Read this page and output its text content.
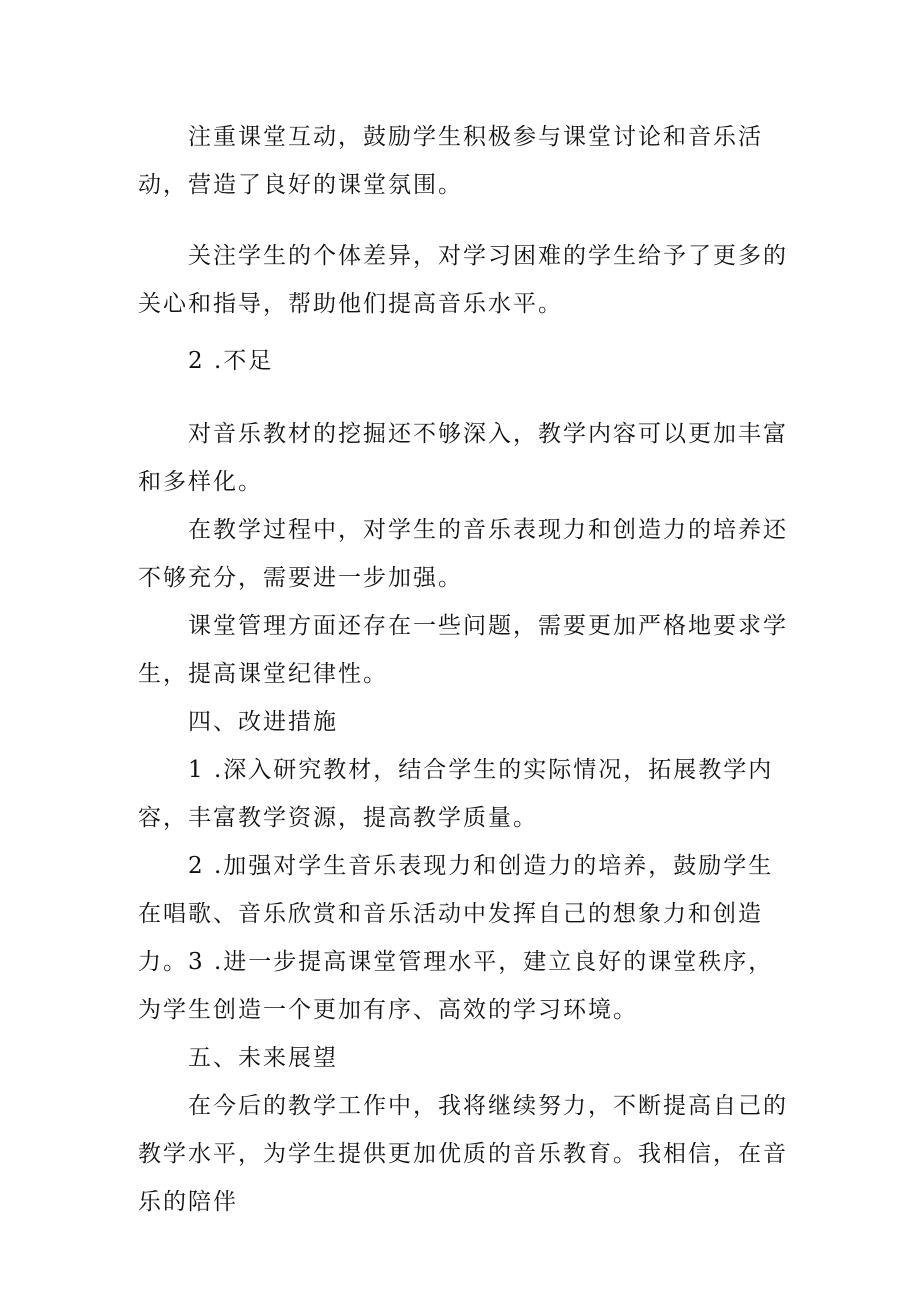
注重课堂互动，鼓励学生积极参与课堂讨论和音乐活动，营造了良好的课堂氛围。

关注学生的个体差异，对学习困难的学生给予了更多的关心和指导，帮助他们提高音乐水平。

2 .不足

对音乐教材的挖掘还不够深入，教学内容可以更加丰富和多样化。

在教学过程中，对学生的音乐表现力和创造力的培养还不够充分，需要进一步加强。

课堂管理方面还存在一些问题，需要更加严格地要求学生，提高课堂纪律性。

四、改进措施

1 .深入研究教材，结合学生的实际情况，拓展教学内容，丰富教学资源，提高教学质量。

2 .加强对学生音乐表现力和创造力的培养，鼓励学生在唱歌、音乐欣赏和音乐活动中发挥自己的想象力和创造力。 3 .进一步提高课堂管理水平，建立良好的课堂秩序，为学生创造一个更加有序、高效的学习环境。

五、未来展望

在今后的教学工作中，我将继续努力，不断提高自己的教学水平，为学生提供更加优质的音乐教育。我相信，在音乐的陪伴
